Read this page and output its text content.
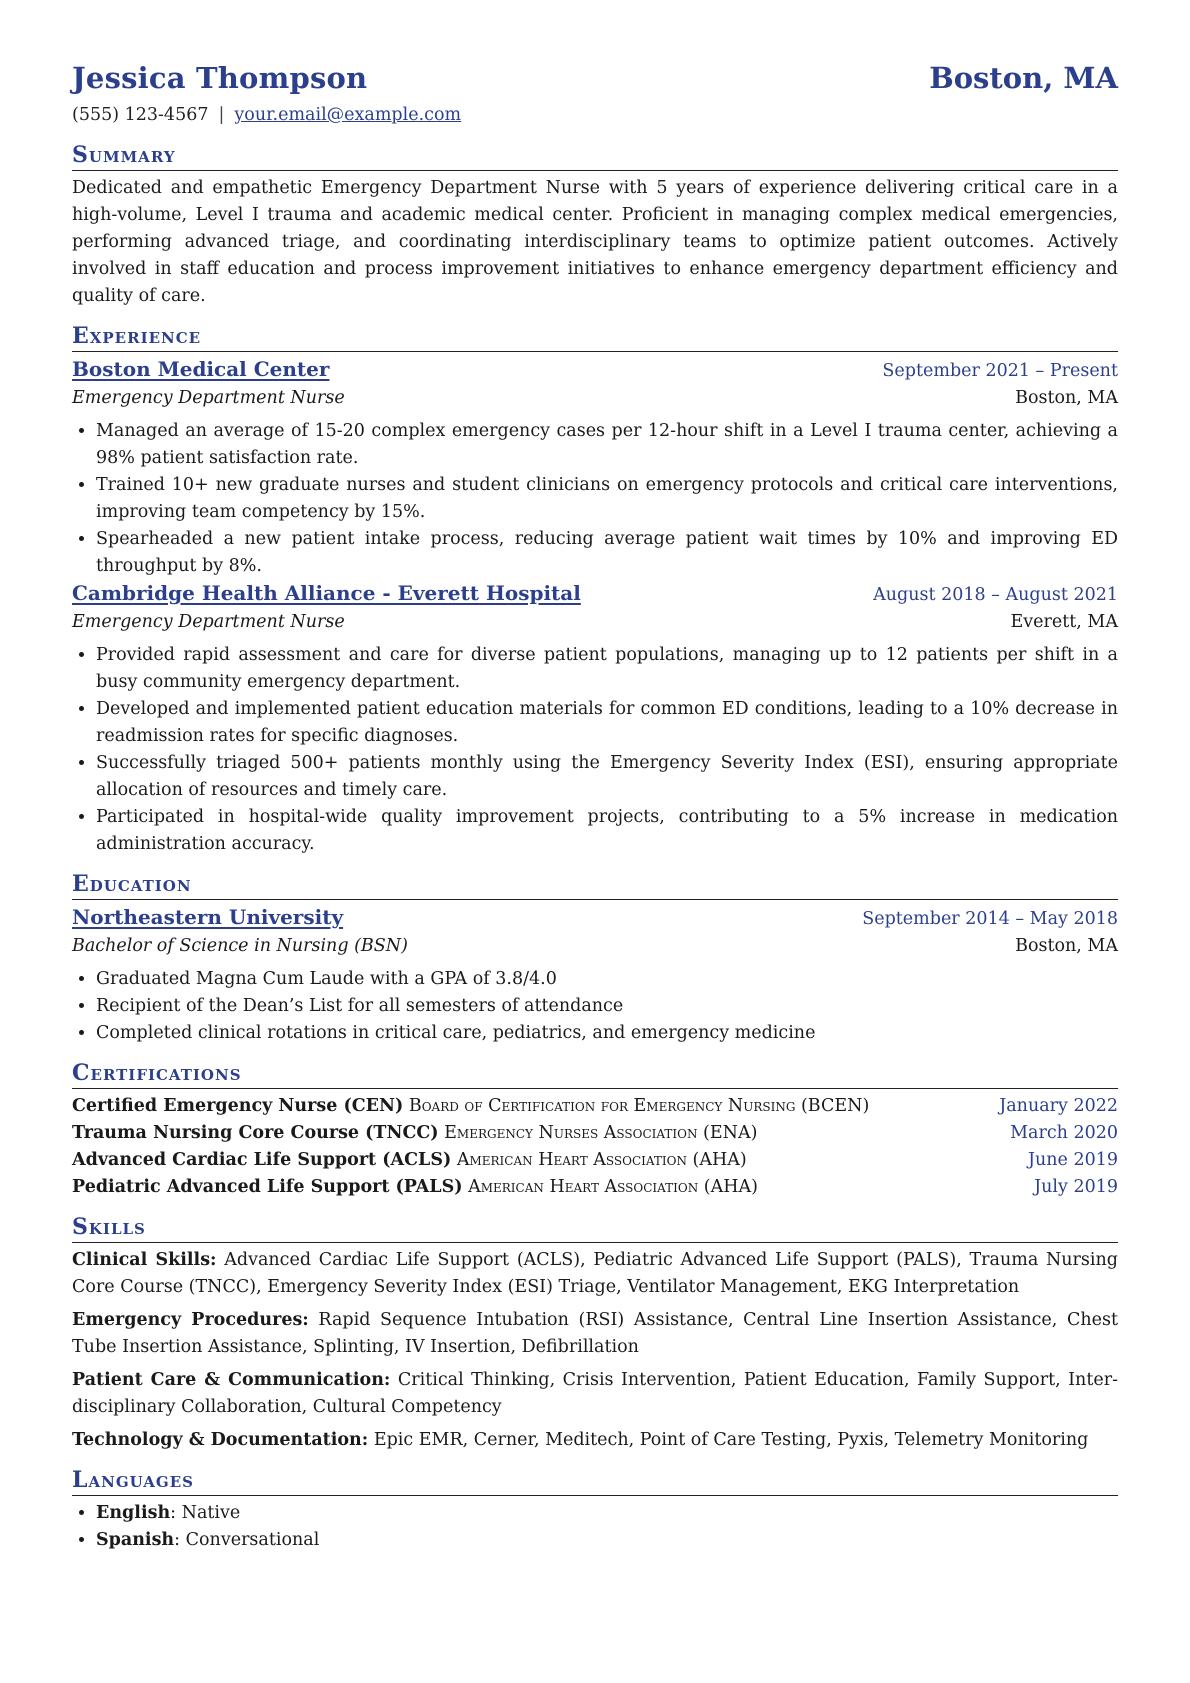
Jessica Thompson	Boston, MA
(555) 123-4567 | your.email@example.com
Summary
Dedicated and empathetic Emergency Department Nurse with 5 years of experience delivering critical care in a high-volume, Level I trauma and academic medical center. Proficient in managing complex medical emergencies, performing advanced triage, and coordinating interdisciplinary teams to optimize patient outcomes. Actively involved in staff education and process improvement initiatives to enhance emergency department efficiency and quality of care.
Experience
Boston Medical Center	September 2021 – Present
Emergency Department Nurse	Boston, MA
• Managed an average of 15-20 complex emergency cases per 12-hour shift in a Level I trauma center, achieving a 98% patient satisfaction rate.
• Trained 10+ new graduate nurses and student clinicians on emergency protocols and critical care interventions, improving team competency by 15%.
• Spearheaded a new patient intake process, reducing average patient wait times by 10% and improving ED throughput by 8%.
Cambridge Health Alliance - Everett Hospital	August 2018 – August 2021
Emergency Department Nurse	Everett, MA
• Provided rapid assessment and care for diverse patient populations, managing up to 12 patients per shift in a busy community emergency department.
• Developed and implemented patient education materials for common ED conditions, leading to a 10% decrease in readmission rates for specific diagnoses.
• Successfully triaged 500+ patients monthly using the Emergency Severity Index (ESI), ensuring appropriate allocation of resources and timely care.
• Participated in hospital-wide quality improvement projects, contributing to a 5% increase in medication administration accuracy.
Education
Northeastern University	September 2014 – May 2018
Bachelor of Science in Nursing (BSN)	Boston, MA
• Graduated Magna Cum Laude with a GPA of 3.8/4.0
• Recipient of the Dean’s List for all semesters of attendance
• Completed clinical rotations in critical care, pediatrics, and emergency medicine
Certifications
Certified Emergency Nurse (CEN) Board of Certification for Emergency Nursing (BCEN)	January 2022
Trauma Nursing Core Course (TNCC) Emergency Nurses Association (ENA)	March 2020
Advanced Cardiac Life Support (ACLS) American Heart Association (AHA)	June 2019
Pediatric Advanced Life Support (PALS) American Heart Association (AHA)	July 2019
Skills
Clinical Skills: Advanced Cardiac Life Support (ACLS), Pediatric Advanced Life Support (PALS), Trauma Nursing Core Course (TNCC), Emergency Severity Index (ESI) Triage, Ventilator Management, EKG Interpretation
Emergency Procedures: Rapid Sequence Intubation (RSI) Assistance, Central Line Insertion Assistance, Chest Tube Insertion Assistance, Splinting, IV Insertion, Defibrillation
Patient Care & Communication: Critical Thinking, Crisis Intervention, Patient Education, Family Support, Inter-disciplinary Collaboration, Cultural Competency
Technology & Documentation: Epic EMR, Cerner, Meditech, Point of Care Testing, Pyxis, Telemetry Monitoring
Languages
• English: Native
• Spanish: Conversational
